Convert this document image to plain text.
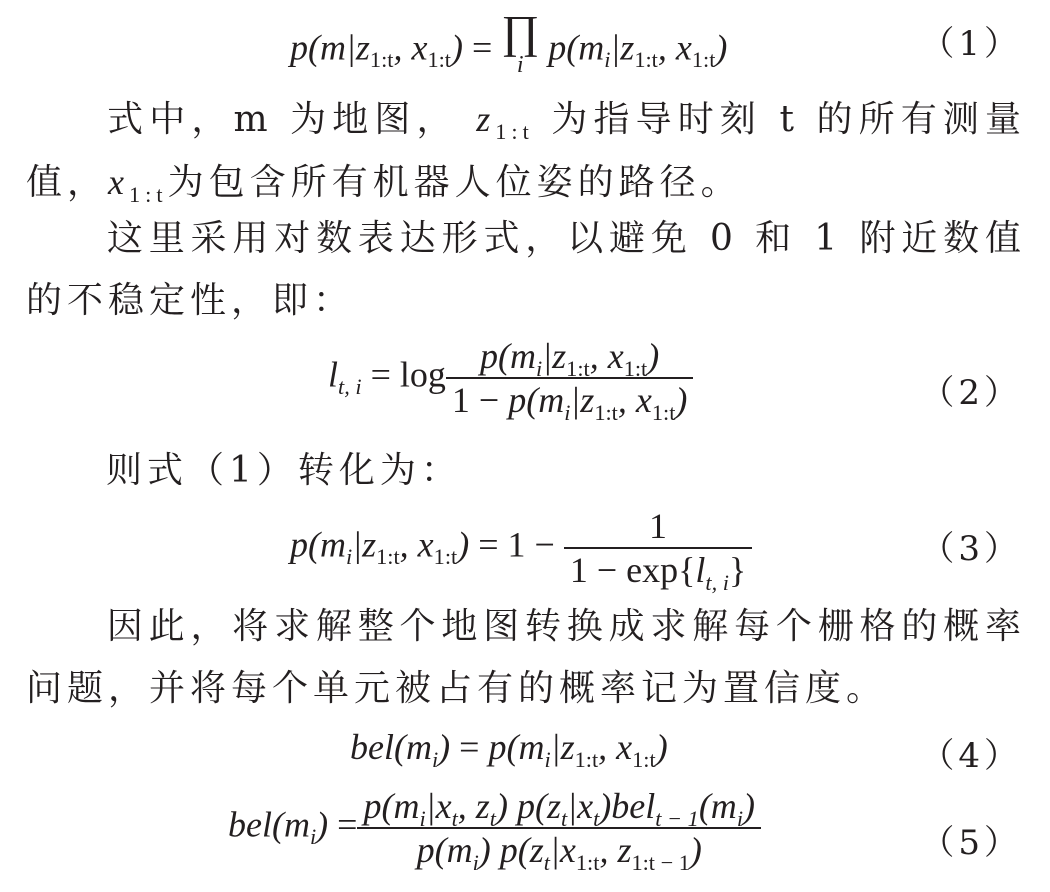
$p(m|z_{1:t}$, $x_{1:t}$) = ∏
i $p(m_i|z_{1:t}$, $x_{1:t}$)	（1）

式中，m 为地图， $z_{1:t}$ 为指导时刻 t 的所有测量值，$x_{1:t}$为包含所有机器人位姿的路径。

这里采用对数表达形式，以避免 0 和 1 附近数值的不稳定性，即：

$l_{t, i} = \log \frac{p(m_i|z_{1:t}, x_{1:t})}{1 - p(m_i|z_{1:t}, x_{1:t})}$	（2）

则式（1）转化为：

$p(m_i|z_{1:t}$, $x_{1:t}) = 1 - \frac{1}{1 - \exp\{l_{t, i}\}}$	（3）

因此，将求解整个地图转换成求解每个栅格的概率问题，并将每个单元被占有的概率记为置信度。

$bel(m_i) = p(m_i|z_{1:t}$, $x_{1:t}$)	（4）
$bel(m_i) = \frac{p(m_i|x_t, z_t) p(z_t|x_t)bel_{t - 1}(m_i)}{p(m_i) p(z_t|x_{1:t}, z_{1:t - 1})}$	（5）
